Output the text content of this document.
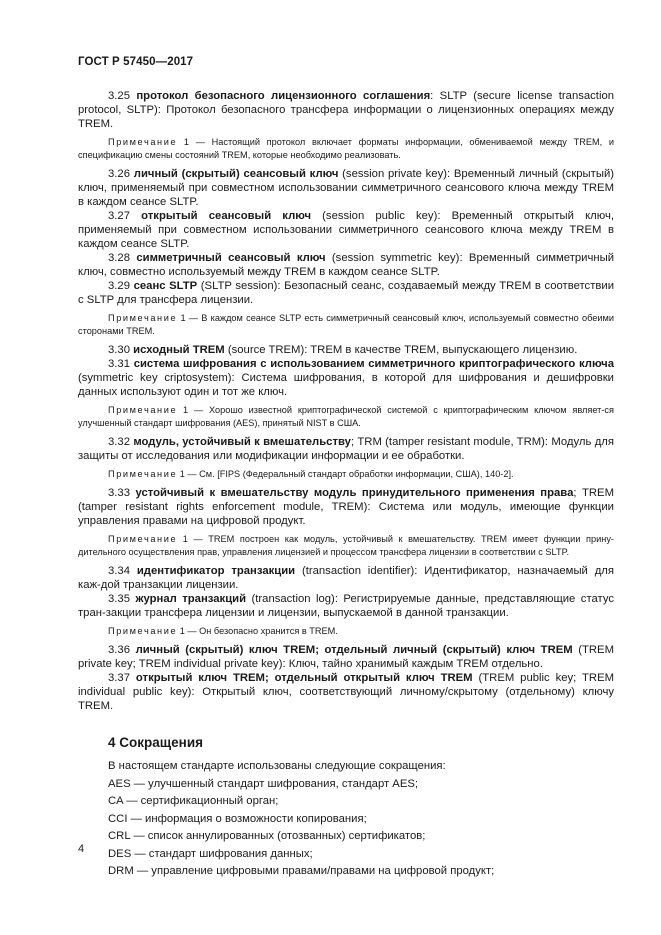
ГОСТ Р 57450—2017

3.25 протокол безопасного лицензионного соглашения: SLTP (secure license transaction protocol, SLTP): Протокол безопасного трансфера информации о лицензионных операциях между TREM.

Примечание 1 — Настоящий протокол включает форматы информации, обмениваемой между TREM, и спецификацию смены состояний TREM, которые необходимо реализовать.

3.26 личный (скрытый) сеансовый ключ (session private key): Временный личный (скрытый) ключ, применяемый при совместном использовании симметричного сеансового ключа между TREM в каждом сеансе SLTP.

3.27 открытый сеансовый ключ (session public key): Временный открытый ключ, применяемый при совместном использовании симметричного сеансового ключа между TREM в каждом сеансе SLTP.

3.28 симметричный сеансовый ключ (session symmetric key): Временный симметричный ключ, совместно используемый между TREM в каждом сеансе SLTP.

3.29 сеанс SLTP (SLTP session): Безопасный сеанс, создаваемый между TREM в соответствии с SLTP для трансфера лицензии.

Примечание 1 — В каждом сеансе SLTP есть симметричный сеансовый ключ, используемый совместно обеими сторонами TREM.

3.30 исходный TREM (source TREM): TREM в качестве TREM, выпускающего лицензию.

3.31 система шифрования с использованием симметричного криптографического ключа (symmetric key criptosystem): Система шифрования, в которой для шифрования и дешифровки данных используют один и тот же ключ.

Примечание 1 — Хорошо известной криптографической системой с криптографическим ключом являет-ся улучшенный стандарт шифрования (AES), принятый NIST в США.

3.32 модуль, устойчивый к вмешательству; TRM (tamper resistant module, TRM): Модуль для защиты от исследования или модификации информации и ее обработки.

Примечание 1 — См. [FIPS (Федеральный стандарт обработки информации, США), 140-2].

3.33 устойчивый к вмешательству модуль принудительного применения права; TREM (tamper resistant rights enforcement module, TREM): Система или модуль, имеющие функции управления правами на цифровой продукт.

Примечание 1 — TREM построен как модуль, устойчивый к вмешательству. TREM имеет функции прину-дительного осуществления прав, управления лицензией и процессом трансфера лицензии в соответствии с SLTP.

3.34 идентификатор транзакции (transaction identifier): Идентификатор, назначаемый для каж-дой транзакции лицензии.

3.35 журнал транзакций (transaction log): Регистрируемые данные, представляющие статус тран-закции трансфера лицензии и лицензии, выпускаемой в данной транзакции.

Примечание 1 — Он безопасно хранится в TREM.

3.36 личный (скрытый) ключ TREM; отдельный личный (скрытый) ключ TREM (TREM private key; TREM individual private key): Ключ, тайно хранимый каждым TREM отдельно.

3.37 открытый ключ TREM; отдельный открытый ключ TREM (TREM public key; TREM individual public key): Открытый ключ, соответствующий личному/скрытому (отдельному) ключу TREM.

4 Сокращения
В настоящем стандарте использованы следующие сокращения:
AES — улучшенный стандарт шифрования, стандарт AES;
CA — сертификационный орган;
CCI — информация о возможности копирования;
CRL — список аннулированных (отозванных) сертификатов;
DES — стандарт шифрования данных;
DRM — управление цифровыми правами/правами на цифровой продукт;
4
